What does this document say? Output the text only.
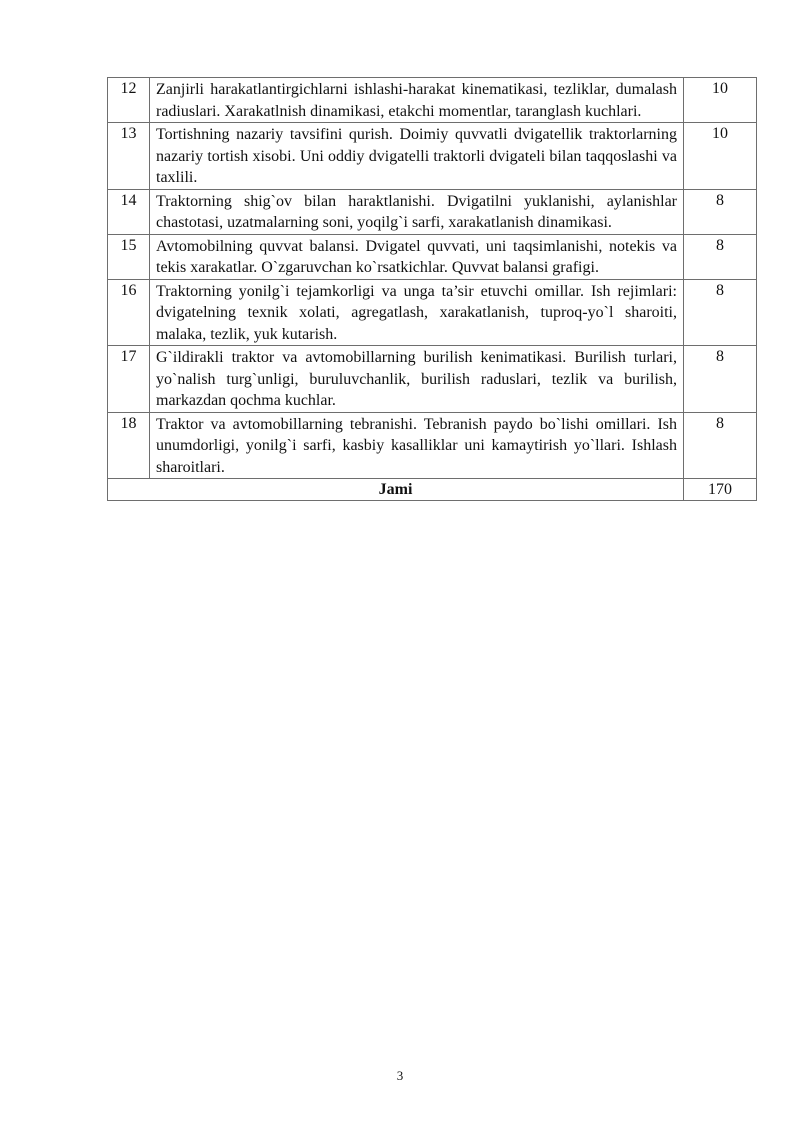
12	Zanjirli harakatlantirgichlarni ishlashi-harakat kinematikasi, tezliklar, dumalash radiuslari. Xarakatlnish dinamikasi, etakchi momentlar, taranglash kuchlari.	10
13	Tortishning nazariy tavsifini qurish. Doimiy quvvatli dvigatellik traktorlarning nazariy tortish xisobi. Uni oddiy dvigatelli traktorli dvigateli bilan taqqoslashi va taxlili.	10
14	Traktorning shig`ov bilan haraktlanishi. Dvigatilni yuklanishi, aylanishlar chastotasi, uzatmalarning soni, yoqilg`i sarfi, xarakatlanish dinamikasi.	8
15	Avtomobilning quvvat balansi. Dvigatel quvvati, uni taqsimlanishi, notekis va tekis xarakatlar. O`zgaruvchan ko`rsatkichlar. Quvvat balansi grafigi.	8
16	Traktorning yonilg`i tejamkorligi va unga ta’sir etuvchi omillar. Ish rejimlari: dvigatelning texnik xolati, agregatlash, xarakatlanish, tuproq-yo`l sharoiti, malaka, tezlik, yuk kutarish.	8
17	G`ildirakli traktor va avtomobillarning burilish kenimatikasi. Burilish turlari, yo`nalish turg`unligi, buruluvchanlik, burilish raduslari, tezlik va burilish, markazdan qochma kuchlar.	8
18	Traktor va avtomobillarning tebranishi. Tebranish paydo bo`lishi omillari. Ish unumdorligi, yonilg`i sarfi, kasbiy kasalliklar uni kamaytirish yo`llari. Ishlash sharoitlari.	8
Jami		170
3
